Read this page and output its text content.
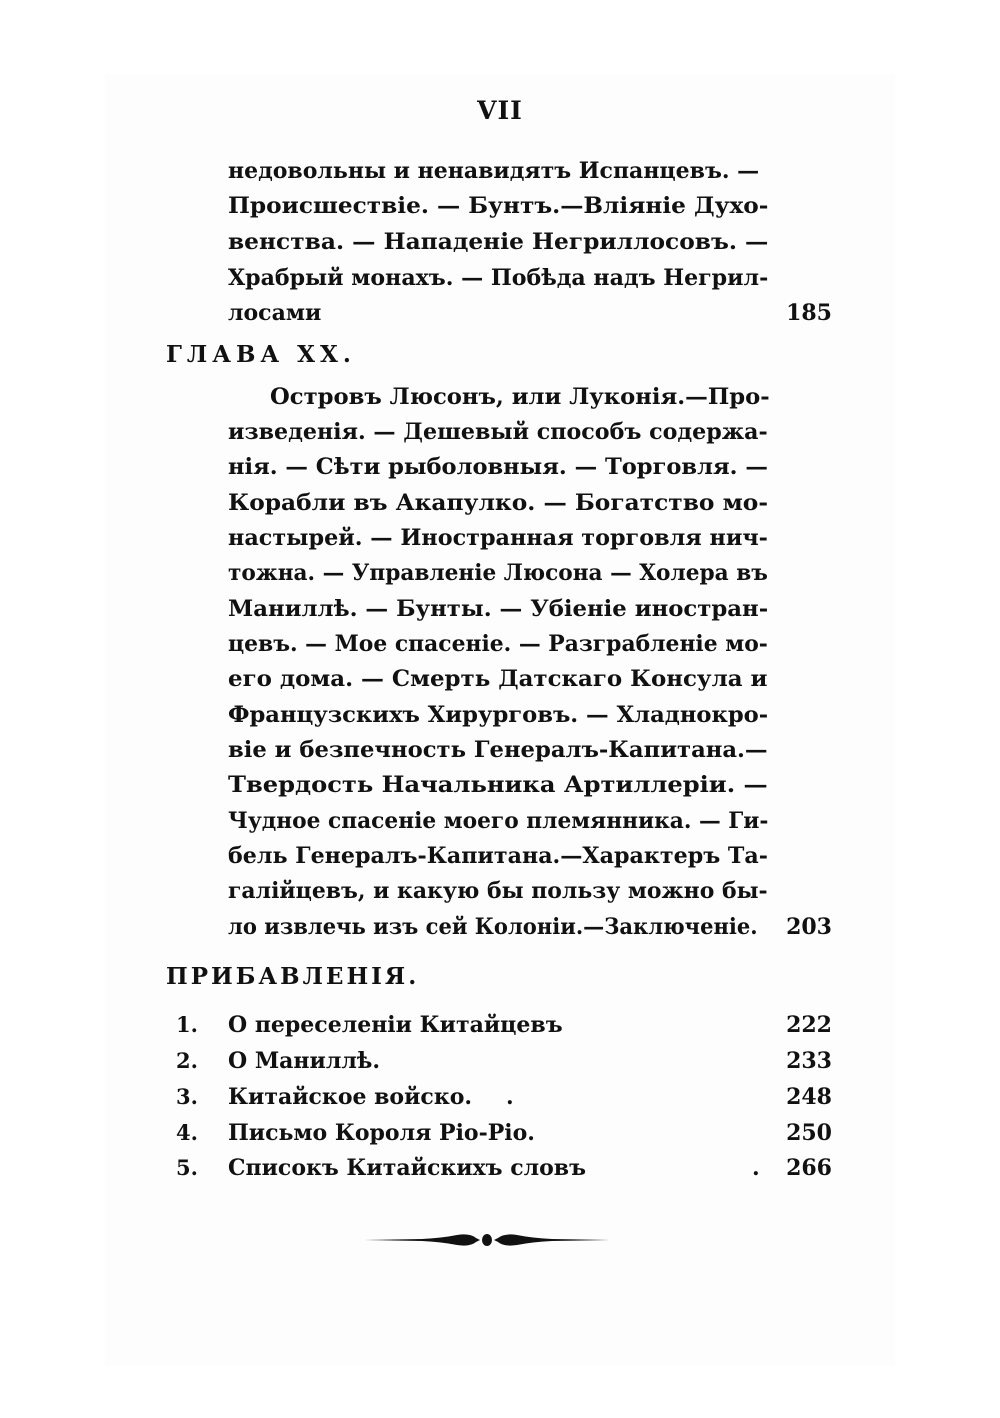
VII
недовольны и ненавидятъ Испанцевъ. —
Происшествіе. — Бунтъ.—Вліяніе Духо-
венства. — Нападеніе Негриллосовъ. —
Храбрый монахъ. — Побѣда надъ Негрил-
лосами	185
ГЛАВА XX.
Островъ Люсонъ, или Луконія.—Про-
изведенія. — Дешевый способъ содержа-
нія. — Сѣти рыболовныя. — Торговля. —
Корабли въ Акапулко. — Богатство мо-
настырей. — Иностранная торговля нич-
тожна. — Управленіе Люсона — Холера въ
Маниллѣ. — Бунты. — Убіеніе иностран-
цевъ. — Мое спасеніе. — Разграбленіе мо-
его дома. — Смерть Датскаго Консула и
Французскихъ Хирурговъ. — Хладнокро-
віе и безпечность Генералъ-Капитана.—
Твердость Начальника Артиллеріи. —
Чудное спасеніе моего племянника. — Ги-
бель Генералъ-Капитана.—Характеръ Та-
галійцевъ, и какую бы пользу можно бы-
ло извлечь изъ сей Колоніи.—Заключеніе.	203
ПРИБАВЛЕНІЯ.
1. О переселеніи Китайцевъ	222
2. О Маниллѣ.	233
3. Китайское войско. .	248
4. Письмо Короля Ріо-Ріо.	250
5. Списокъ Китайскихъ словъ	.	266
